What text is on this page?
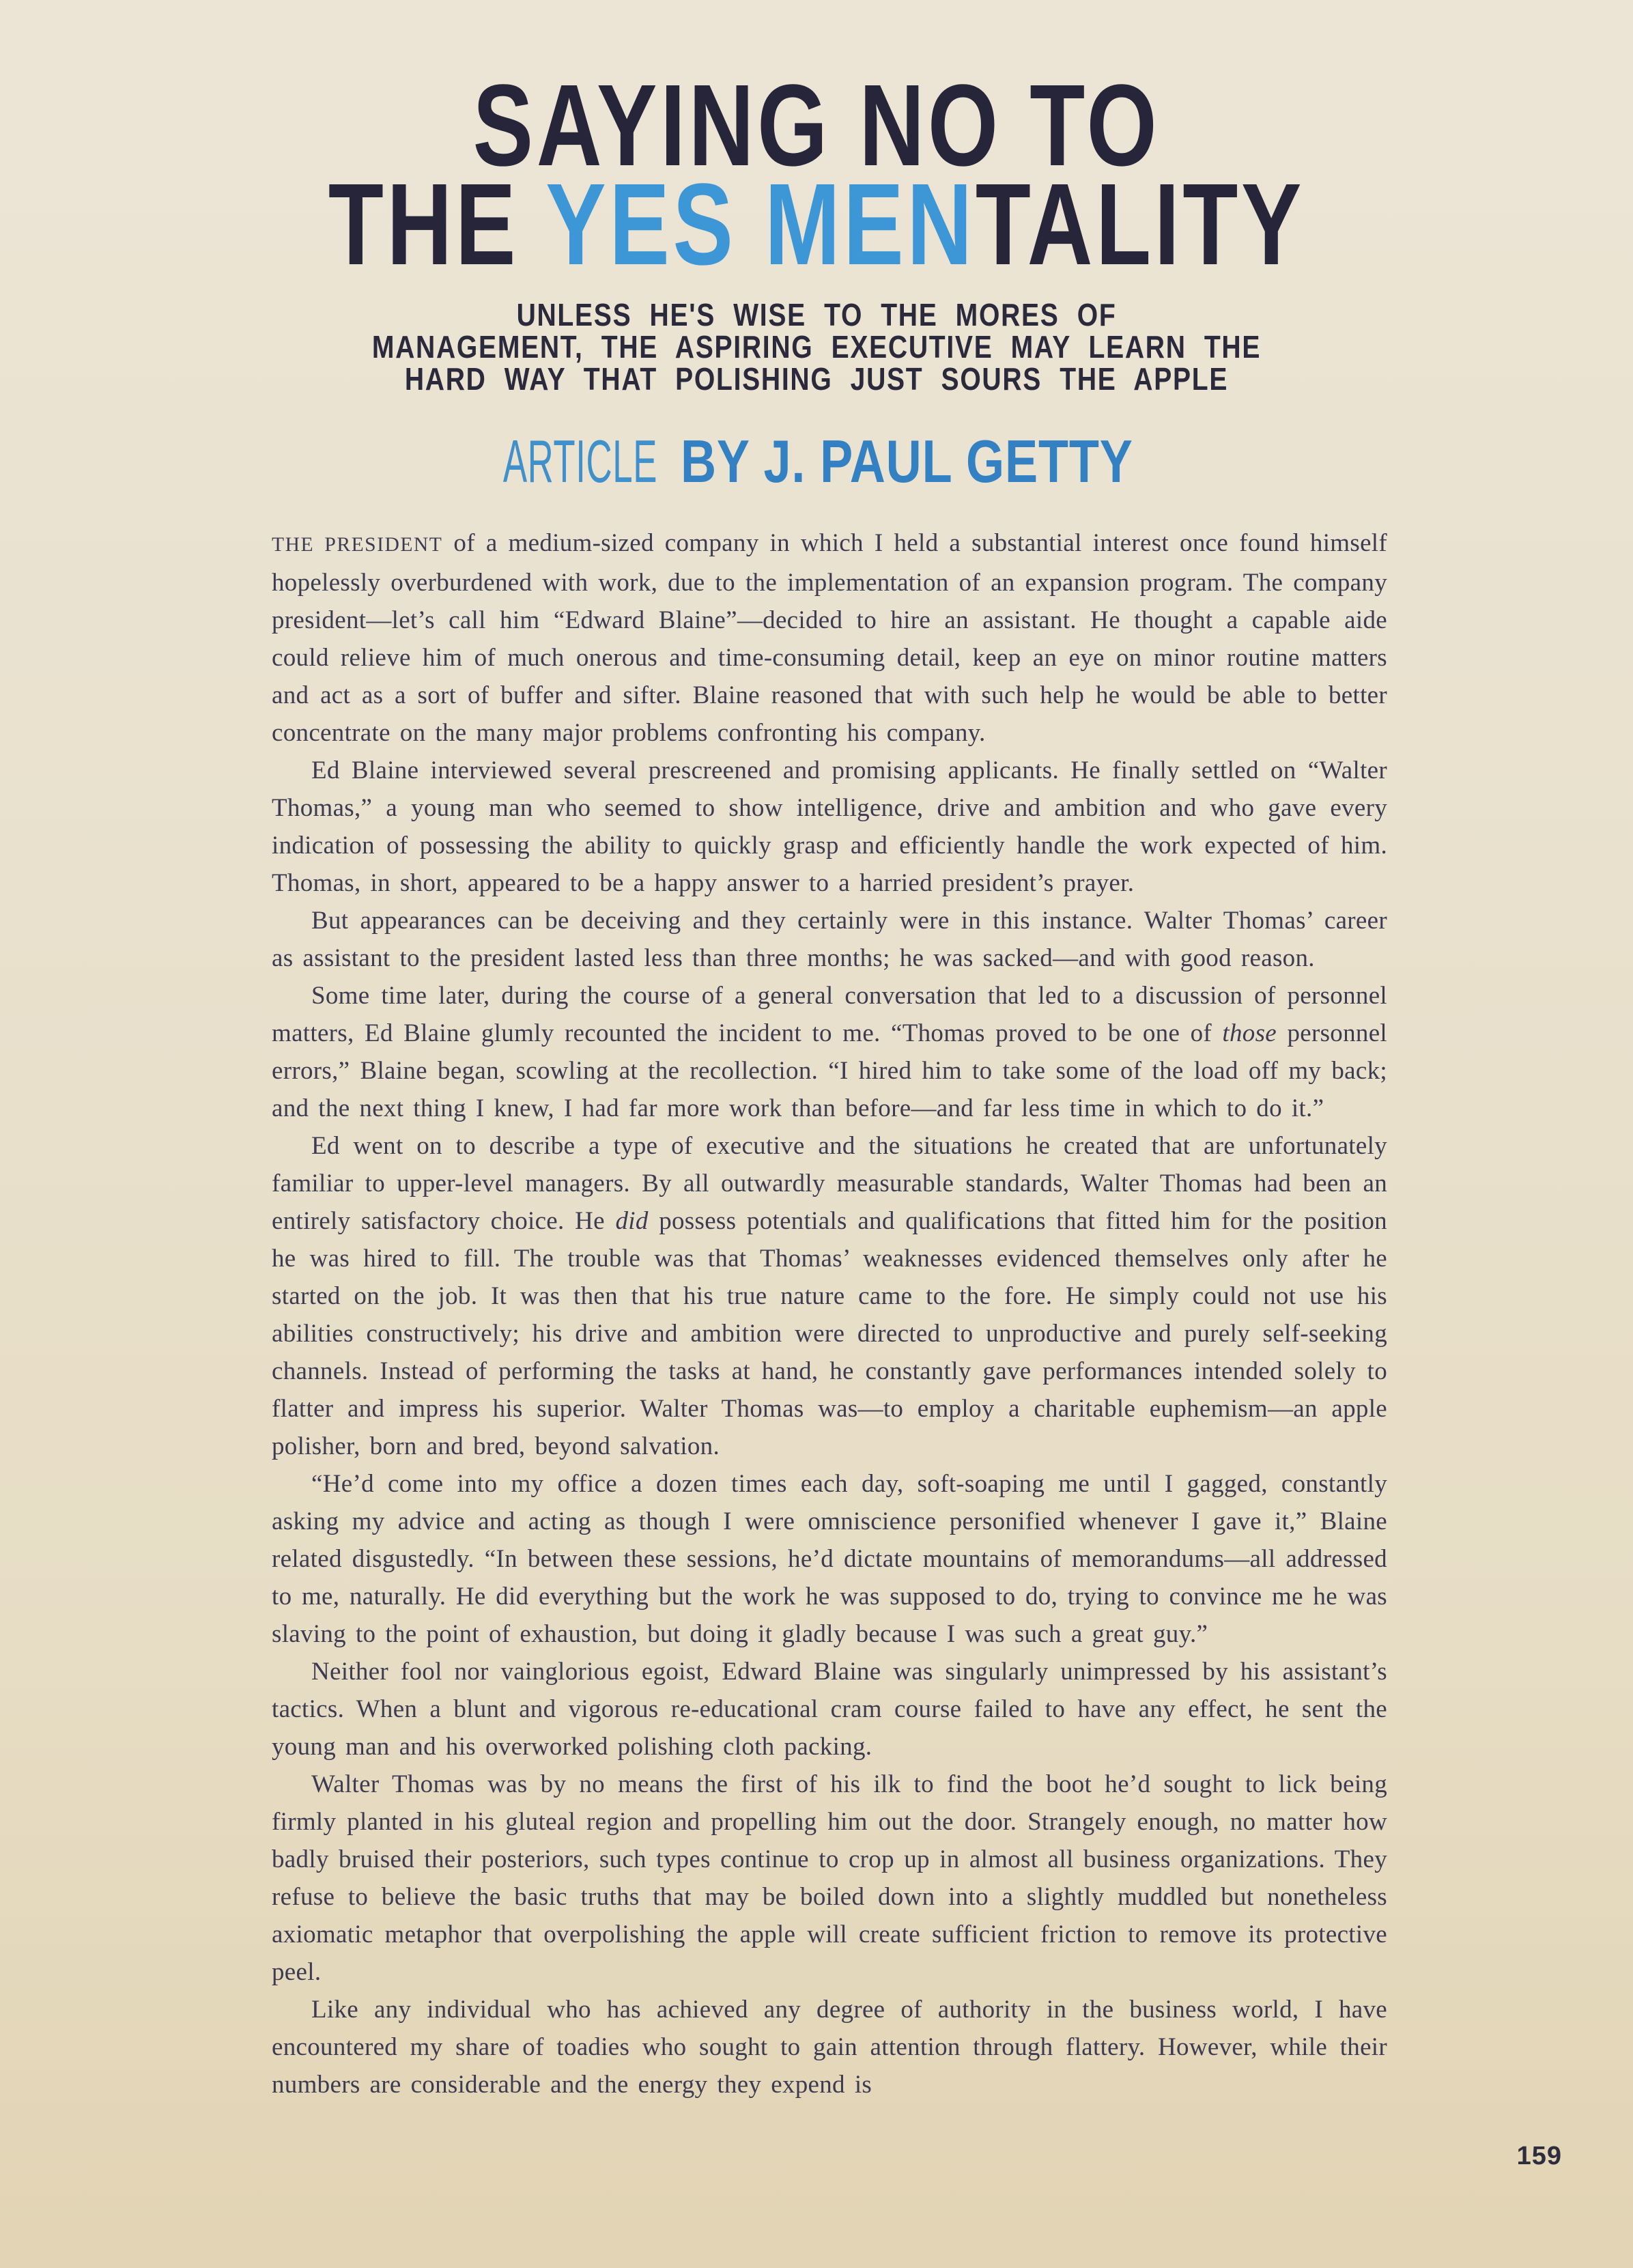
SAYING NO TO
THE YES MENTALITY

UNLESS HE'S WISE TO THE MORES OF
MANAGEMENT, THE ASPIRING EXECUTIVE MAY LEARN THE
HARD WAY THAT POLISHING JUST SOURS THE APPLE

ARTICLE BY J. PAUL GETTY

THE PRESIDENT of a medium-sized company in which I held a substantial interest once found himself hopelessly overburdened with work, due to the implementation of an expansion program. The company president—let’s call him “Edward Blaine”—decided to hire an assistant. He thought a capable aide could relieve him of much onerous and time-consuming detail, keep an eye on minor routine matters and act as a sort of buffer and sifter. Blaine reasoned that with such help he would be able to better concentrate on the many major problems confronting his company.

Ed Blaine interviewed several prescreened and promising applicants. He finally settled on “Walter Thomas,” a young man who seemed to show intelligence, drive and ambition and who gave every indication of possessing the ability to quickly grasp and efficiently handle the work expected of him. Thomas, in short, appeared to be a happy answer to a harried president’s prayer.

But appearances can be deceiving and they certainly were in this instance. Walter Thomas’ career as assistant to the president lasted less than three months; he was sacked—and with good reason.

Some time later, during the course of a general conversation that led to a discussion of personnel matters, Ed Blaine glumly recounted the incident to me. “Thomas proved to be one of those personnel errors,” Blaine began, scowling at the recollection. “I hired him to take some of the load off my back; and the next thing I knew, I had far more work than before—and far less time in which to do it.”

Ed went on to describe a type of executive and the situations he created that are unfortunately familiar to upper-level managers. By all outwardly measurable standards, Walter Thomas had been an entirely satisfactory choice. He did possess potentials and qualifications that fitted him for the position he was hired to fill. The trouble was that Thomas’ weaknesses evidenced themselves only after he started on the job. It was then that his true nature came to the fore. He simply could not use his abilities constructively; his drive and ambition were directed to unproductive and purely self-seeking channels. Instead of performing the tasks at hand, he constantly gave performances intended solely to flatter and impress his superior. Walter Thomas was—to employ a charitable euphemism—an apple polisher, born and bred, beyond salvation.

“He’d come into my office a dozen times each day, soft-soaping me until I gagged, constantly asking my advice and acting as though I were omniscience personified whenever I gave it,” Blaine related disgustedly. “In between these sessions, he’d dictate mountains of memorandums—all addressed to me, naturally. He did everything but the work he was supposed to do, trying to convince me he was slaving to the point of exhaustion, but doing it gladly because I was such a great guy.”

Neither fool nor vainglorious egoist, Edward Blaine was singularly unimpressed by his assistant’s tactics. When a blunt and vigorous re-educational cram course failed to have any effect, he sent the young man and his overworked polishing cloth packing.

Walter Thomas was by no means the first of his ilk to find the boot he’d sought to lick being firmly planted in his gluteal region and propelling him out the door. Strangely enough, no matter how badly bruised their posteriors, such types continue to crop up in almost all business organizations. They refuse to believe the basic truths that may be boiled down into a slightly muddled but nonetheless axiomatic metaphor that overpolishing the apple will create sufficient friction to remove its protective peel.

Like any individual who has achieved any degree of authority in the business world, I have encountered my share of toadies who sought to gain attention through flattery. However, while their numbers are considerable and the energy they expend is

159
